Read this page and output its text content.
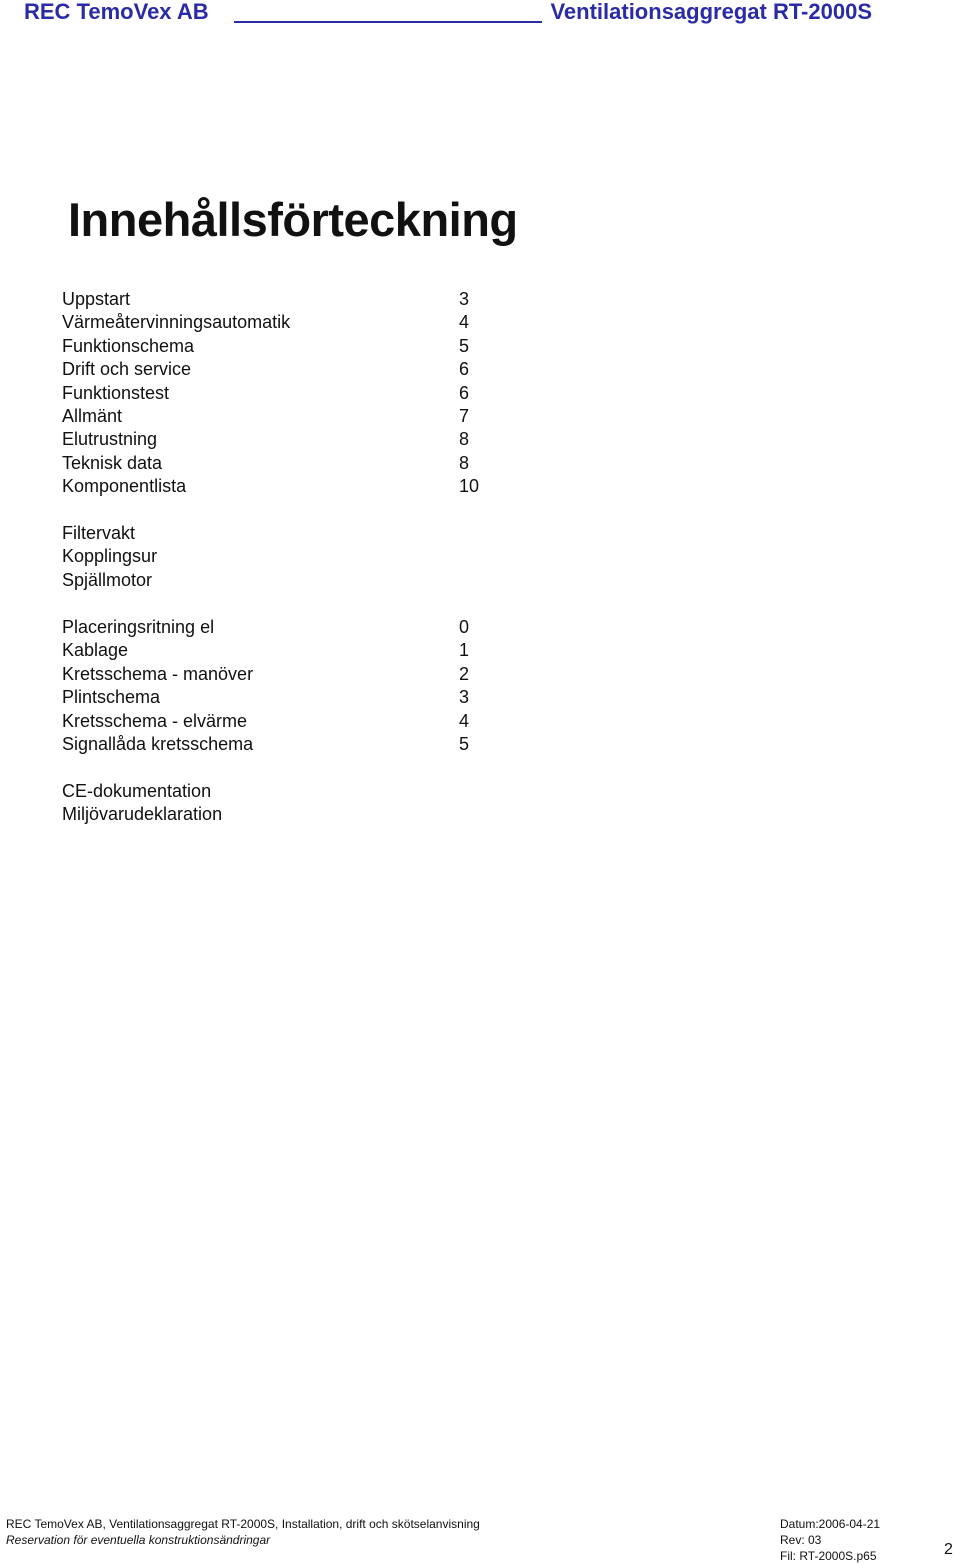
REC TemoVex AB	Ventilationsaggregat RT-2000S
Innehållsförteckning
Uppstart	3
Värmeåtervinningsautomatik	4
Funktionschema	5
Drift och service	6
Funktionstest	6
Allmänt	7
Elutrustning	8
Teknisk data	8
Komponentlista	10
Filtervakt
Kopplingsur
Spjällmotor
Placeringsritning el	0
Kablage	1
Kretsschema - manöver	2
Plintschema	3
Kretsschema - elvärme	4
Signallåda kretsschema	5
CE-dokumentation
Miljövarudeklaration
REC TemoVex AB, Ventilationsaggregat RT-2000S, Installation, drift och skötselanvisning
Reservation för eventuella konstruktionsändringar
Datum:2006-04-21
Rev: 03
Fil: RT-2000S.p65	2
